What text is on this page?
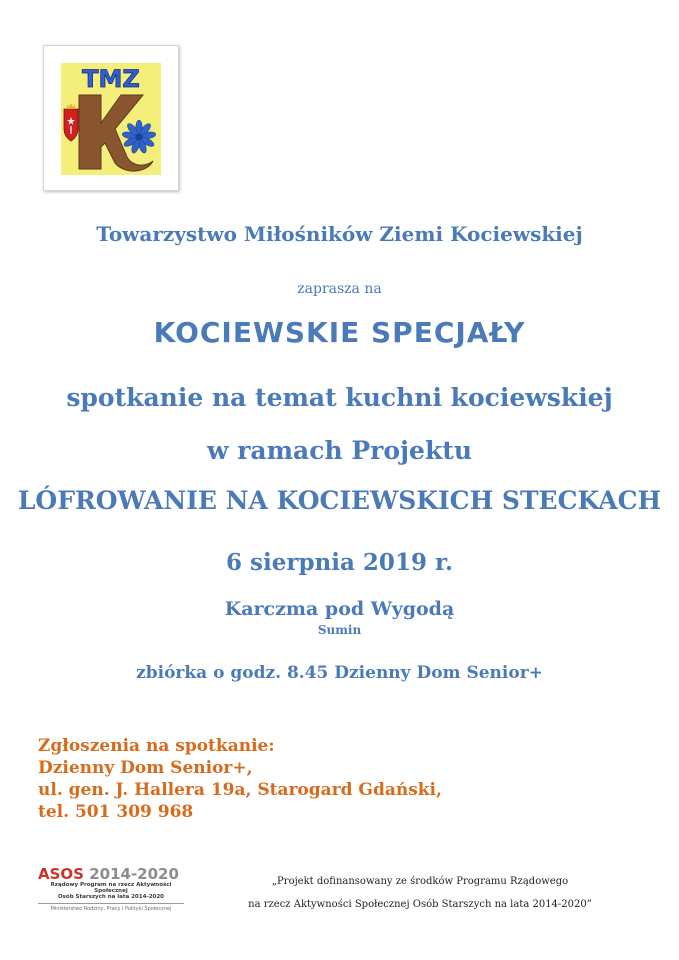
TMZ
Towarzystwo Miłośników Ziemi Kociewskiej
zaprasza na
KOCIEWSKIE SPECJAŁY
spotkanie na temat kuchni kociewskiej
w ramach Projektu
LÓFROWANIE NA KOCIEWSKICH STECKACH
6 sierpnia 2019 r.
Karczma pod Wygodą
Sumin
zbiórka o godz. 8.45 Dzienny Dom Senior+
Zgłoszenia na spotkanie:
Dzienny Dom Senior+,
ul. gen. J. Hallera 19a, Starogard Gdański,
tel. 501 309 968
ASOS 2014-2020
Rządowy Program na rzecz Aktywności Społecznej
Osób Starszych na lata 2014-2020
Ministerstwo Rodziny, Pracy i Polityki Społecznej
„Projekt dofinansowany ze środków Programu Rządowego
na rzecz Aktywności Społecznej Osób Starszych na lata 2014-2020”
